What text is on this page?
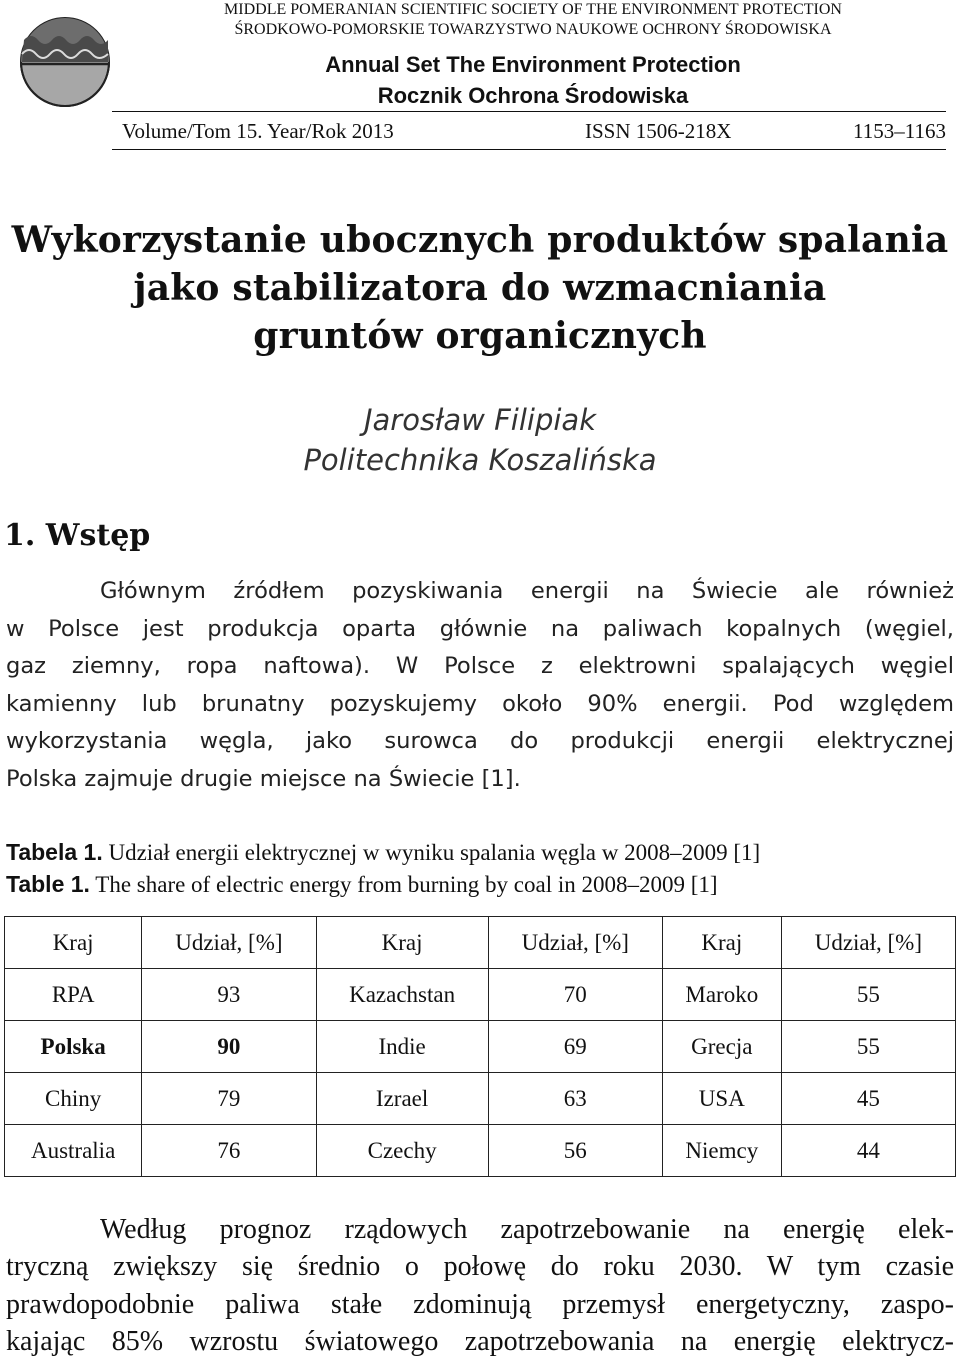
MIDDLE POMERANIAN SCIENTIFIC SOCIETY OF THE ENVIRONMENT PROTECTION
ŚRODKOWO-POMORSKIE TOWARZYSTWO NAUKOWE OCHRONY ŚRODOWISKA
Annual Set The Environment Protection
Rocznik Ochrona Środowiska
Volume/Tom 15. Year/Rok 2013	ISSN 1506-218X	1153–1163
Wykorzystanie ubocznych produktów spalania
jako stabilizatora do wzmacniania
gruntów organicznych
Jarosław Filipiak
Politechnika Koszalińska
1. Wstęp
Głównym źródłem pozyskiwania energii na Świecie ale również
w Polsce jest produkcja oparta głównie na paliwach kopalnych (węgiel,
gaz ziemny, ropa naftowa). W Polsce z elektrowni spalających węgiel
kamienny lub brunatny pozyskujemy około 90% energii. Pod względem
wykorzystania węgla, jako surowca do produkcji energii elektrycznej
Polska zajmuje drugie miejsce na Świecie [1].
Tabela 1. Udział energii elektrycznej w wyniku spalania węgla w 2008–2009 [1]
Table 1. The share of electric energy from burning by coal in 2008–2009 [1]
Kraj	Udział, [%]	Kraj	Udział, [%]	Kraj	Udział, [%]
RPA	93	Kazachstan	70	Maroko	55
Polska	90	Indie	69	Grecja	55
Chiny	79	Izrael	63	USA	45
Australia	76	Czechy	56	Niemcy	44
Według prognoz rządowych zapotrzebowanie na energię elek-
tryczną zwiększy się średnio o połowę do roku 2030. W tym czasie
prawdopodobnie paliwa stałe zdominują przemysł energetyczny, zaspo-
kajając 85% wzrostu światowego zapotrzebowania na energię elektrycz-
